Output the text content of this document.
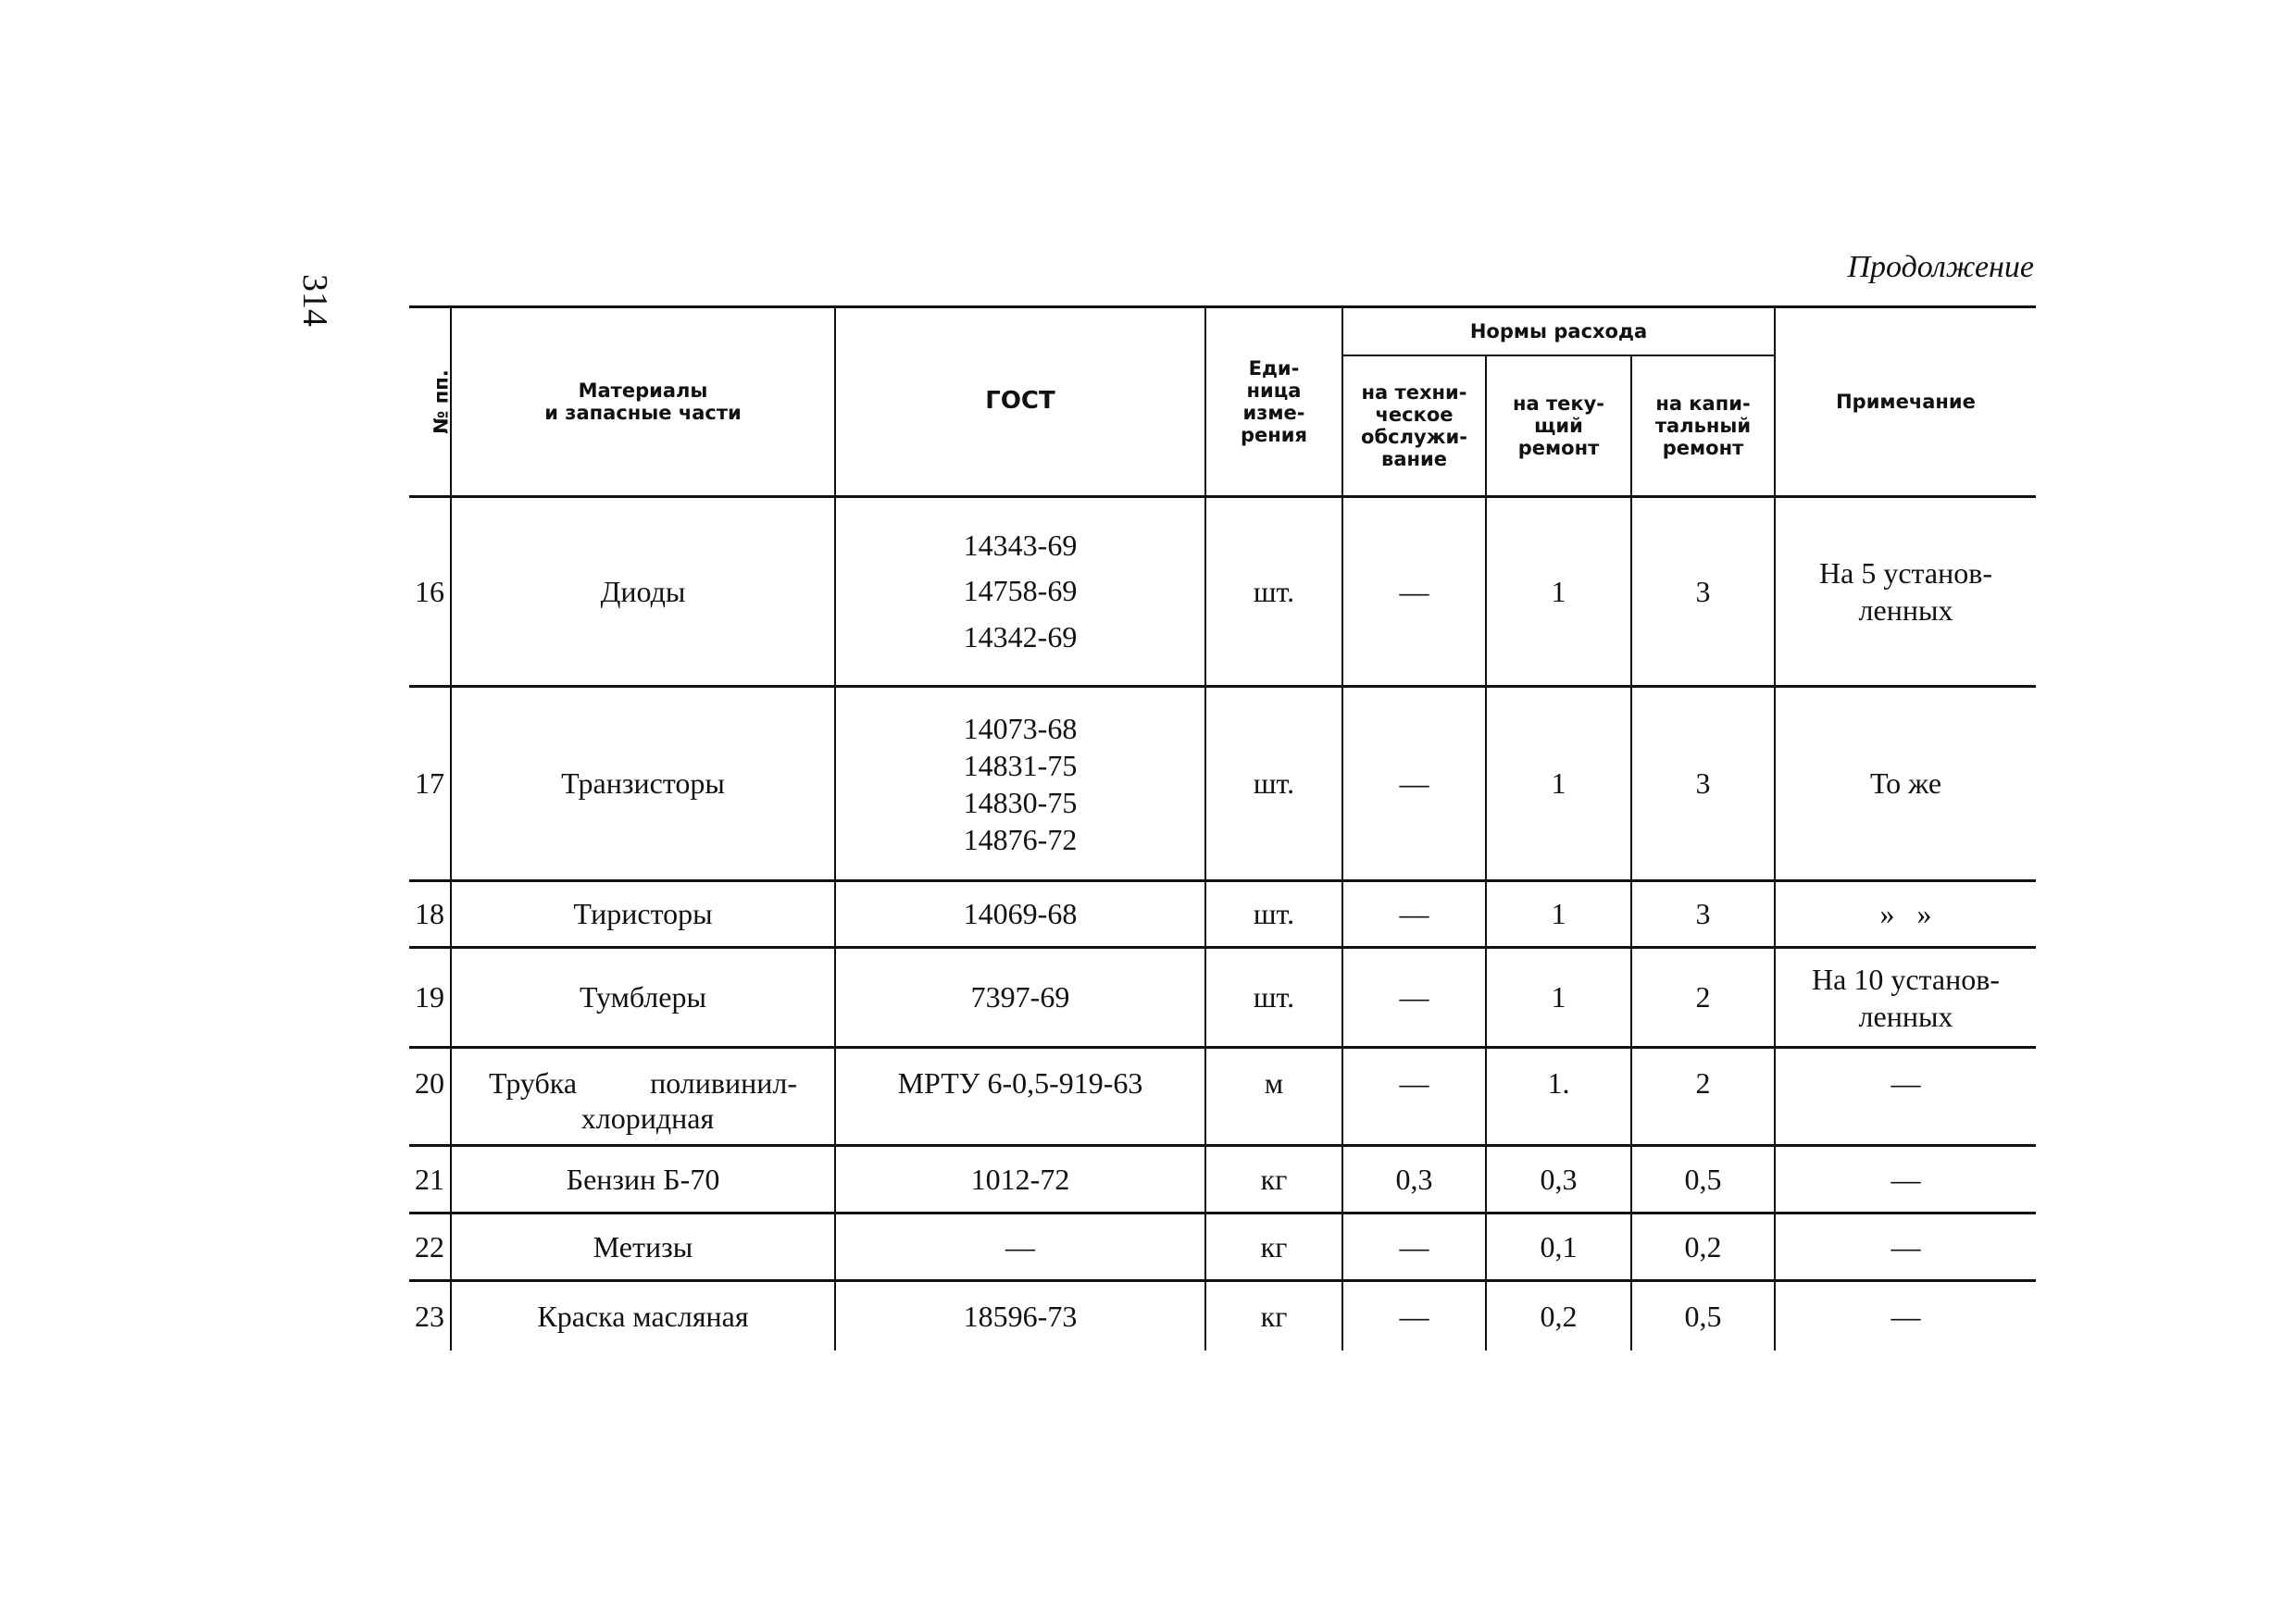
314
Продолжение
№ пп.	Материалы
и запасные части	ГОСТ	Еди-
ница
изме-
рения	Нормы расхода			Примечание

				на техни-
ческое
обслужи-
вание	на теку-
щий
ремонт	на капи-
тальный
ремонт	

16	Диоды	14343-69
14758-69
14342-69	шт.	—	1	3	На 5 установ-
ленных

17	Транзисторы	14073-68
14831-75
14830-75
14876-72	шт.	—	1	3	То же
18	Тиристоры	14069-68	шт.	—	1	3	»   »
19	Тумблеры	7397-69	шт.	—	1	2	На 10 установ-
ленных

20	Трубка поливинил-
хлоридная	МРТУ 6-0,5-919-63	м	—	1.	2	—
21	Бензин Б-70	1012-72	кг	0,3	0,3	0,5	—
22	Метизы	—	кг	—	0,1	0,2	—
23	Краска масляная	18596-73	кг	—	0,2	0,5	—
